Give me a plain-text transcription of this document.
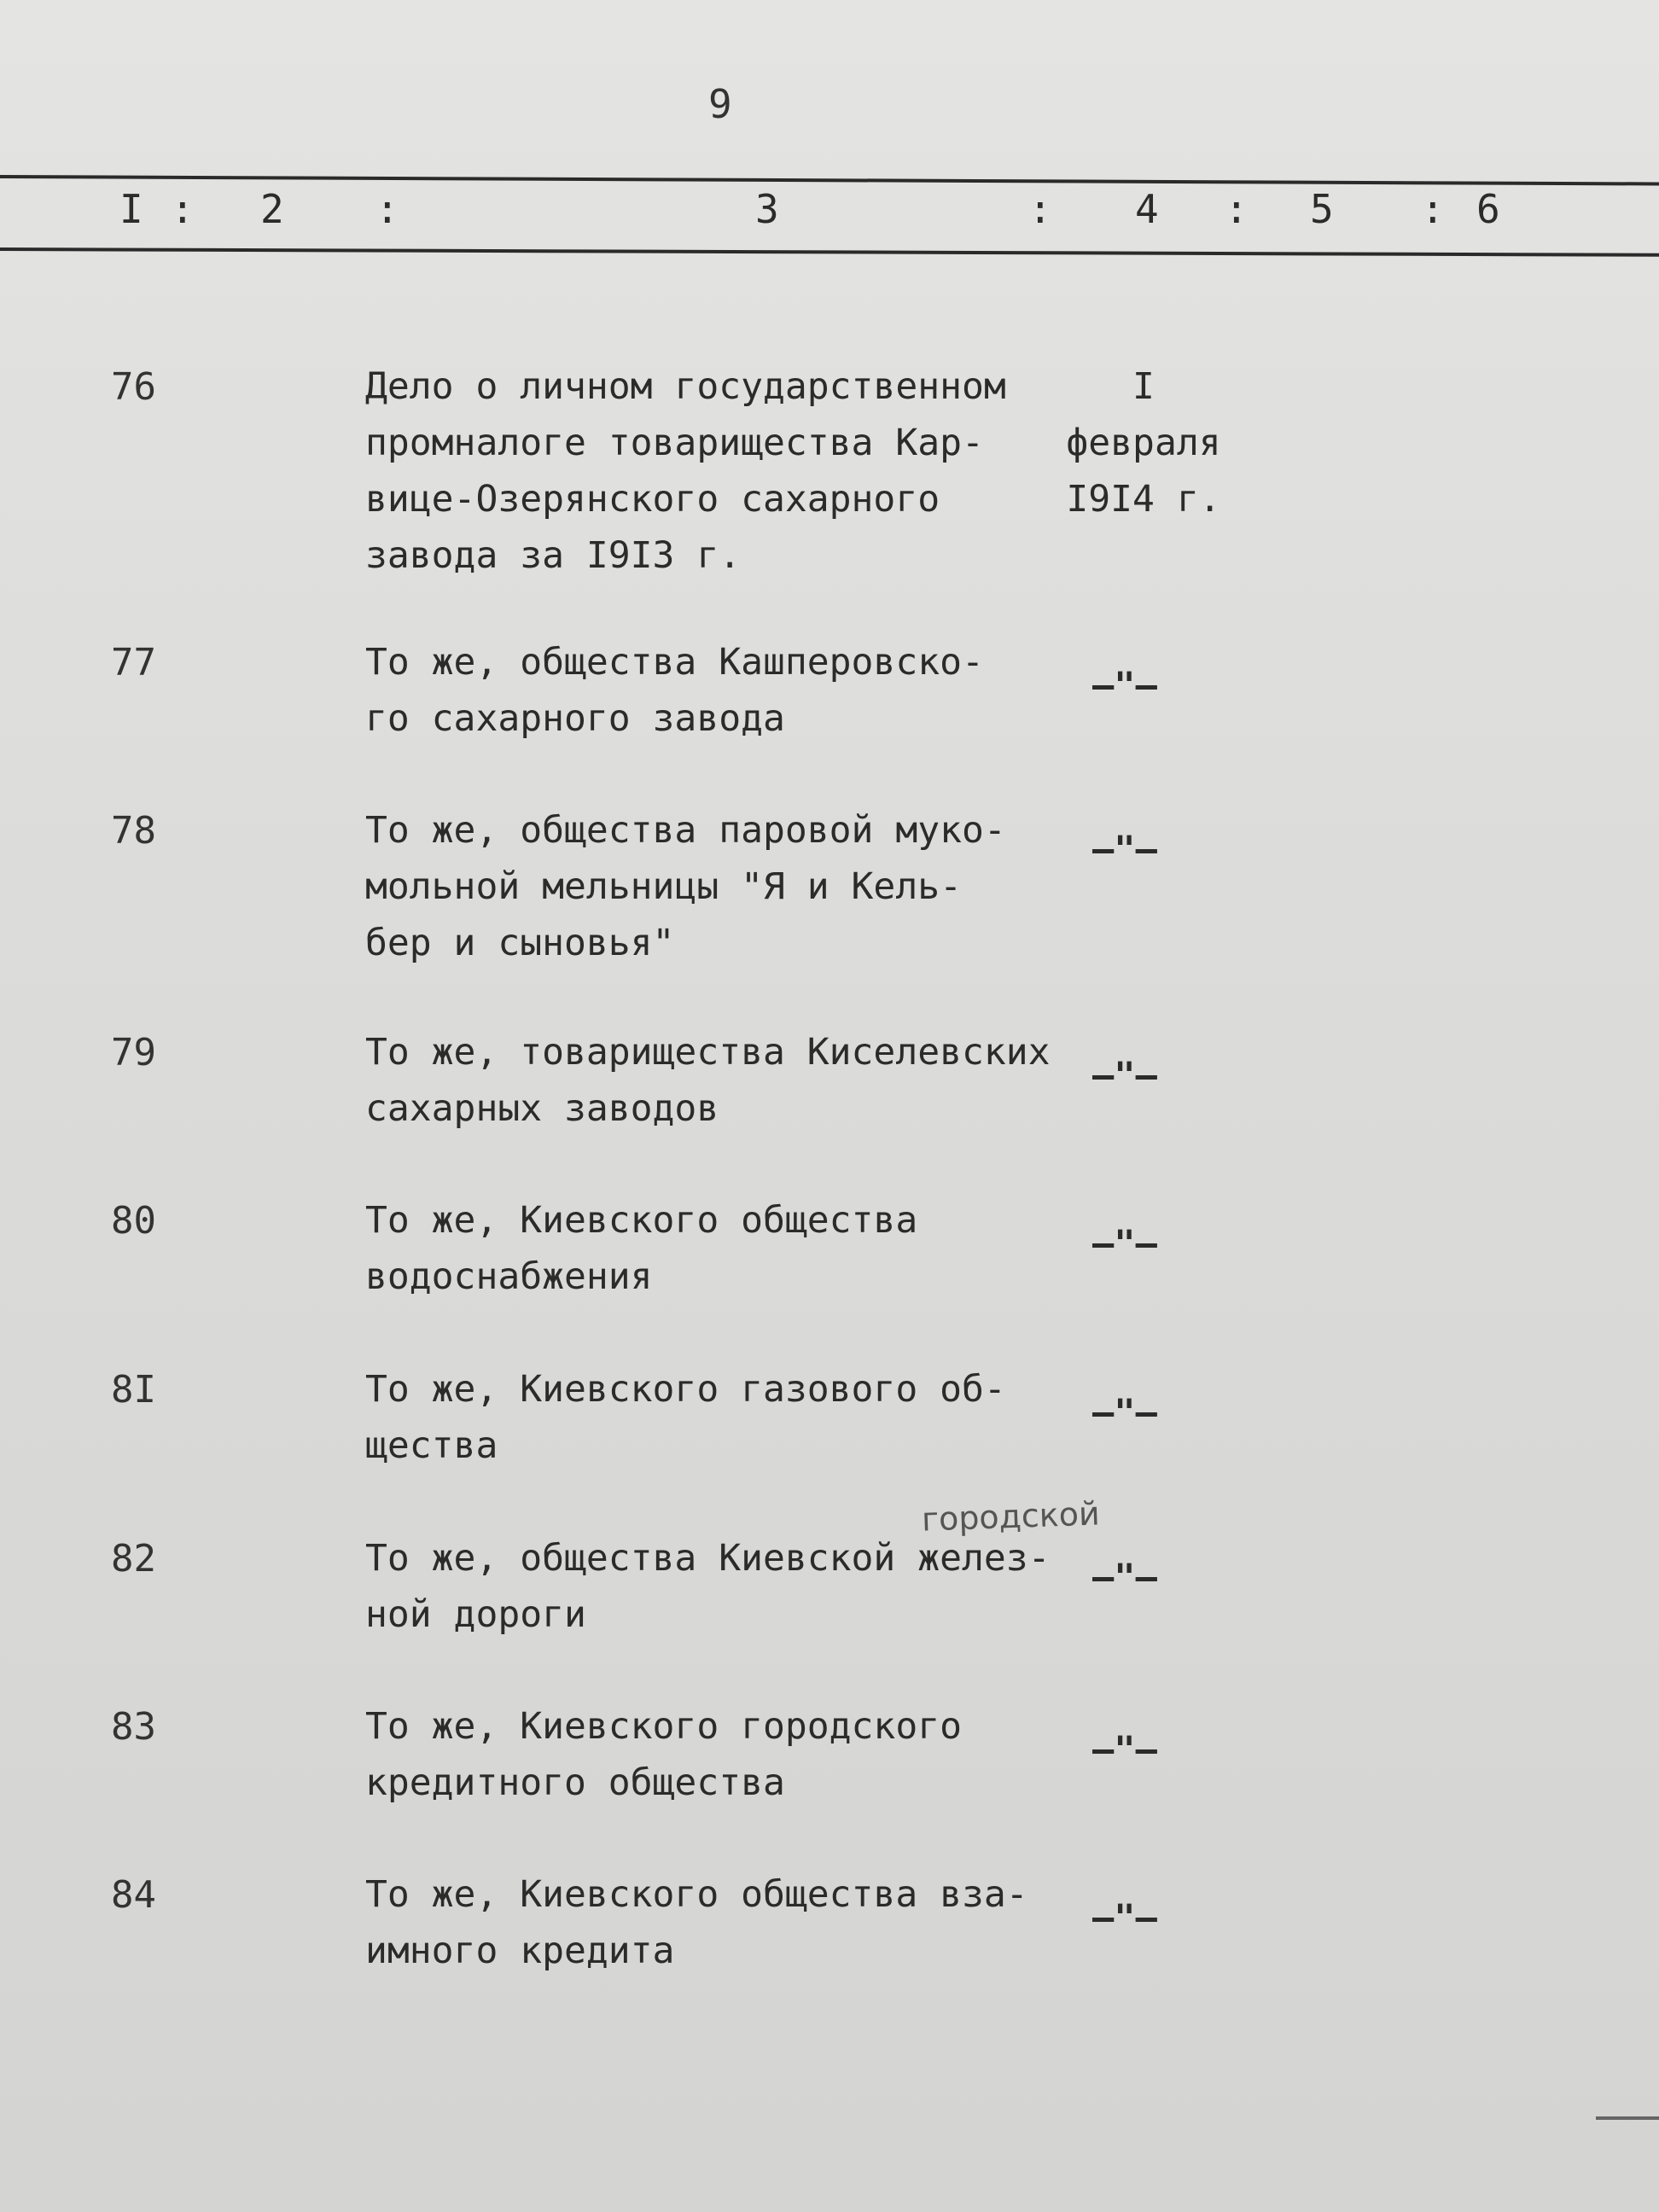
9
I : 2 :	3	: 4 : 5 : 6
76	Дело о личном государственном
промналоге товарищества Кар-
вице-Озерянского сахарного
завода за I9I3 г.
I февраля I9I4 г.
77	То же, общества Кашперовско-
го сахарного завода
–"–
78	То же, общества паровой муко-
мольной мельницы "Я и Кель-
бер и сыновья"
–"–
79	То же, товарищества Киселевских
сахарных заводов
–"–
80	То же, Киевского общества
водоснабжения
–"–
8I	То же, Киевского газового об-
щества
–"–
городской
82	То же, общества Киевской желез-
ной дороги
–"–
83	То же, Киевского городского
кредитного общества
–"–
84	То же, Киевского общества вза-
имного кредита
–"–
